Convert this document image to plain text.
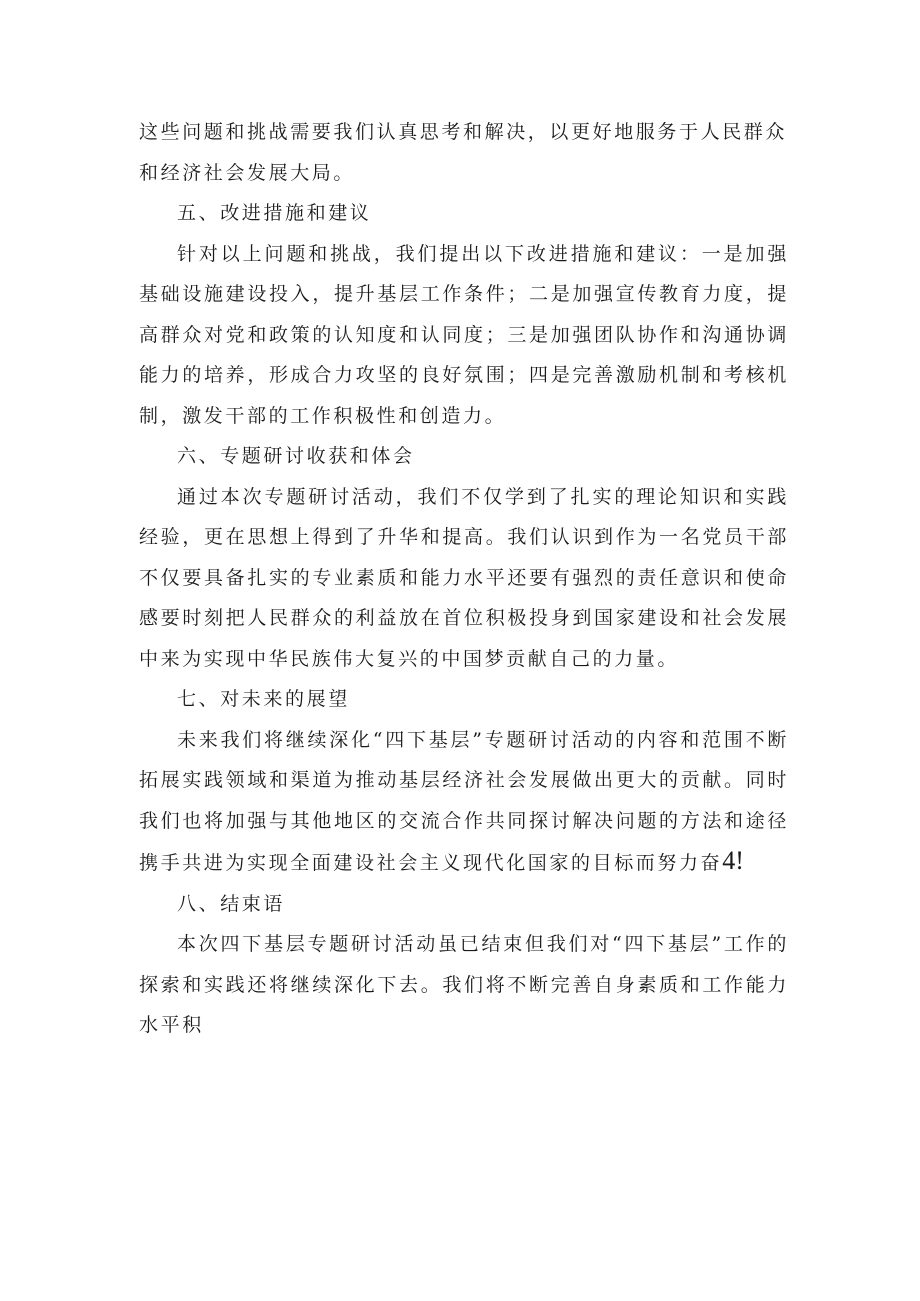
这些问题和挑战需要我们认真思考和解决，以更好地服务于人民群众

和经济社会发展大局。

五、改进措施和建议

针对以上问题和挑战，我们提出以下改进措施和建议：一是加强基础设施建设投入，提升基层工作条件；二是加强宣传教育力度，提高群众对党和政策的认知度和认同度；三是加强团队协作和沟通协调能力的培养，形成合力攻坚的良好氛围；四是完善激励机制和考核机制，激发干部的工作积极性和创造力。

六、专题研讨收获和体会

通过本次专题研讨活动，我们不仅学到了扎实的理论知识和实践经验，更在思想上得到了升华和提高。我们认识到作为一名党员干部不仅要具备扎实的专业素质和能力水平还要有强烈的责任意识和使命感要时刻把人民群众的利益放在首位积极投身到国家建设和社会发展中来为实现中华民族伟大复兴的中国梦贡献自己的力量。

七、对未来的展望

未来我们将继续深化“四下基层”专题研讨活动的内容和范围不断拓展实践领域和渠道为推动基层经济社会发展做出更大的贡献。同时我们也将加强与其他地区的交流合作共同探讨解决问题的方法和途径携手共进为实现全面建设社会主义现代化国家的目标而努力奋4!

八、结束语

本次四下基层专题研讨活动虽已结束但我们对“四下基层”工作的探索和实践还将继续深化下去。我们将不断完善自身素质和工作能力水平积
